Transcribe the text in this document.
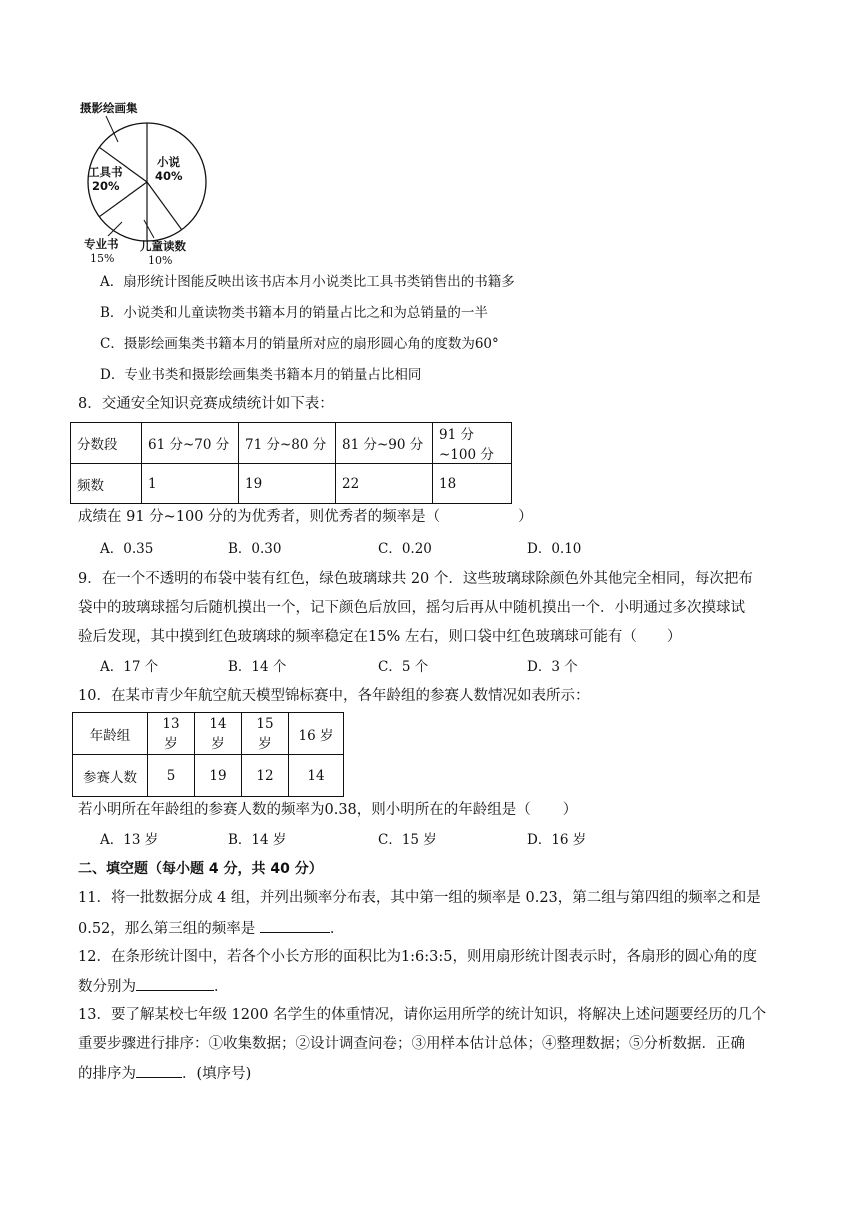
摄影绘画集
小说
40%
工具书
20%
专业书
15%
儿童读数
10%
A．扇形统计图能反映出该书店本月小说类比工具书类销售出的书籍多
B．小说类和儿童读物类书籍本月的销量占比之和为总销量的一半
C．摄影绘画集类书籍本月的销量所对应的扇形圆心角的度数为60°
D．专业书类和摄影绘画集类书籍本月的销量占比相同
8．交通安全知识竞赛成绩统计如下表：
分数段	61 分~70 分	71 分~80 分	81 分~90 分	91 分~100 分
频数	1	19	22	18
成绩在 91 分~100 分的为优秀者，则优秀者的频率是（	）
A．0.35	B．0.30	C．0.20	D．0.10
9．在一个不透明的布袋中装有红色，绿色玻璃球共 20 个．这些玻璃球除颜色外其他完全相同，每次把布
袋中的玻璃球摇匀后随机摸出一个，记下颜色后放回，摇匀后再从中随机摸出一个．小明通过多次摸球试
验后发现，其中摸到红色玻璃球的频率稳定在15% 左右，则口袋中红色玻璃球可能有（ ）
A．17 个	B．14 个	C．5 个	D．3 个
10．在某市青少年航空航天模型锦标赛中，各年龄组的参赛人数情况如表所示：
年龄组	13 岁	14 岁	15 岁	16 岁
参赛人数	5	19	12	14
若小明所在年龄组的参赛人数的频率为0.38，则小明所在的年龄组是（ ）
A．13 岁	B．14 岁	C．15 岁	D．16 岁
二、填空题（每小题 4 分，共 40 分）
11．将一批数据分成 4 组，并列出频率分布表，其中第一组的频率是 0.23，第二组与第四组的频率之和是
0.52，那么第三组的频率是	．
12．在条形统计图中，若各个小长方形的面积比为1:6:3:5，则用扇形统计图表示时，各扇形的圆心角的度
数分别为	．
13．要了解某校七年级 1200 名学生的体重情况，请你运用所学的统计知识，将解决上述问题要经历的几个
重要步骤进行排序：①收集数据；②设计调查问卷；③用样本估计总体；④整理数据；⑤分析数据．正确
的排序为	．(填序号)
